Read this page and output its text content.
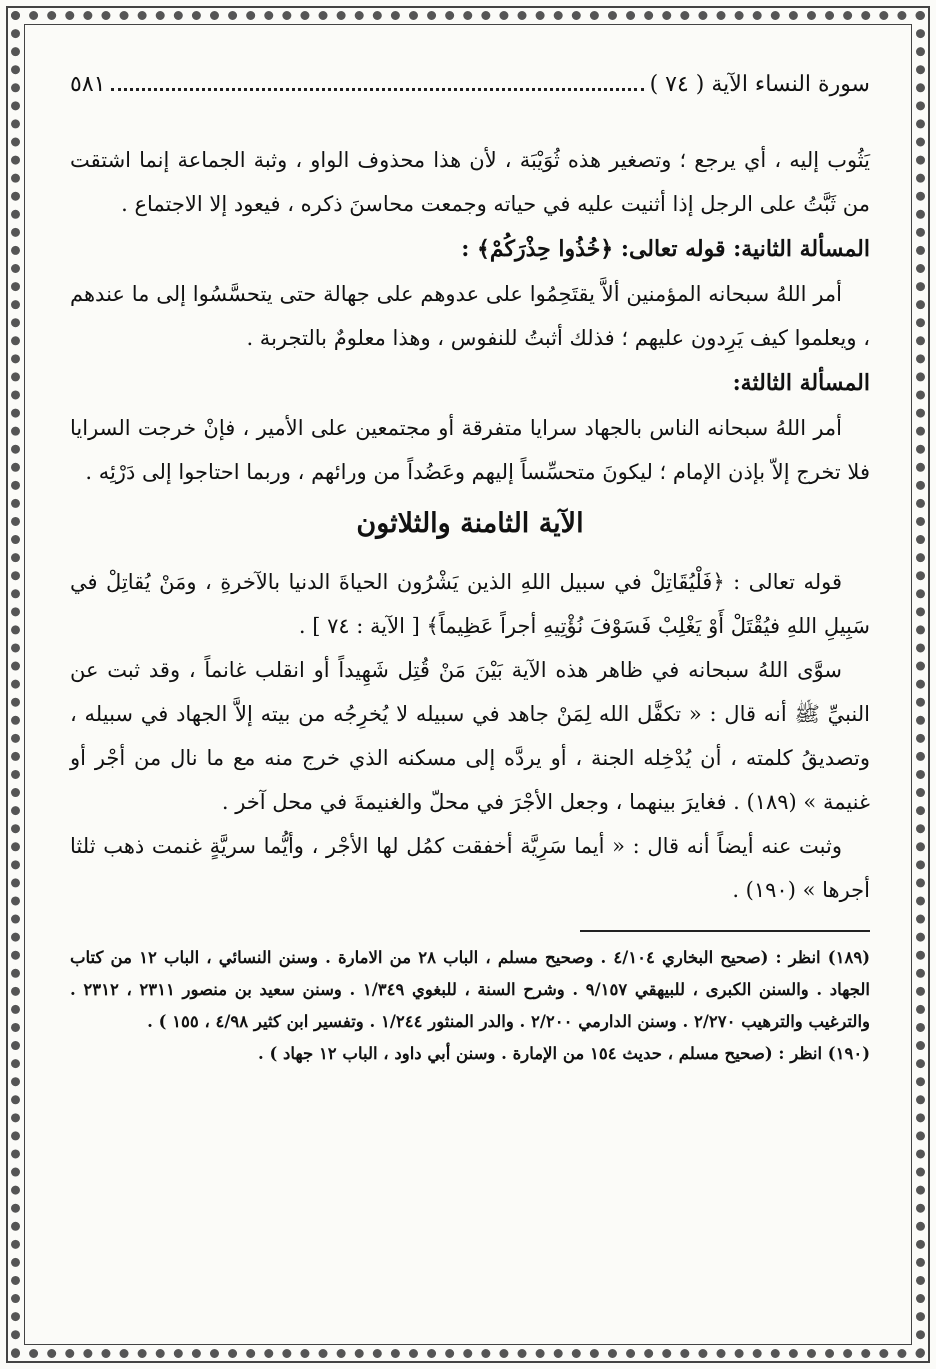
سورة النساء الآية ( ٧٤ )
٥٨١

يَثُوب إليه ، أي يرجع ؛ وتصغير هذه ثُوَيْبَة ، لأن هذا محذوف الواو ، وثبة الجماعة إنما اشتقت من ثَبَّتُ على الرجل إذا أثنيت عليه في حياته وجمعت محاسنَ ذكره ، فيعود إلا الاجتماع .

المسألة الثانية: قوله تعالى: ﴿خُذُوا حِذْرَكُمْ﴾ :

أمر اللهُ سبحانه المؤمنين ألاَّ يقتَحِمُوا على عدوهم على جهالة حتى يتحسَّسُوا إلى ما عندهم ، ويعلموا كيف يَرِدون عليهم ؛ فذلك أثبتُ للنفوس ، وهذا معلومٌ بالتجربة .

المسألة الثالثة:

أمر اللهُ سبحانه الناس بالجهاد سرايا متفرقة أو مجتمعين على الأمير ، فإنْ خرجت السرايا فلا تخرج إلاّ بإذن الإمام ؛ ليكونَ متحسِّساً إليهم وعَضُداً من ورائهم ، وربما احتاجوا إلى دَرْئِه .

الآية الثامنة والثلاثون

قوله تعالى : ﴿فَلْيُقَاتِلْ في سبيل اللهِ الذين يَشْرُون الحياةَ الدنيا بالآخرةِ ، ومَنْ يُقاتِلْ في سَبِيلِ اللهِ فيُقْتَلْ أَوْ يَغْلِبْ فَسَوْفَ نُؤْتِيهِ أجراً عَظِيماً﴾ [ الآية : ٧٤ ] .

سوَّى اللهُ سبحانه في ظاهر هذه الآية بَيْنَ مَنْ قُتِل شَهِيداً أو انقلب غانماً ، وقد ثبت عن النبيِّ ﷺ أنه قال : « تكفَّل الله لِمَنْ جاهد في سبيله لا يُخرِجُه من بيته إلاَّ الجهاد في سبيله ، وتصديقُ كلمته ، أن يُدْخِله الجنة ، أو يردَّه إلى مسكنه الذي خرج منه مع ما نال من أجْر أو غنيمة » (١٨٩) . فغايرَ بينهما ، وجعل الأجْرَ في محلّ والغنيمةَ في محل آخر .

وثبت عنه أيضاً أنه قال : « أيما سَرِيَّة أخفقت كمُل لها الأجْر ، وأيُّما سريَّةٍ غنمت ذهب ثلثا أجرها » (١٩٠) .

(١٨٩) انظر : (صحيح البخاري ٤/١٠٤ . وصحيح مسلم ، الباب ٢٨ من الامارة . وسنن النسائي ، الباب ١٢ من كتاب الجهاد . والسنن الكبرى ، للبيهقي ٩/١٥٧ . وشرح السنة ، للبغوي ١/٣٤٩ . وسنن سعيد بن منصور ٢٣١١ ، ٢٣١٢ . والترغيب والترهيب ٢/٢٧٠ . وسنن الدارمي ٢/٢٠٠ . والدر المنثور ١/٢٤٤ . وتفسير ابن كثير ٤/٩٨ ، ١٥٥ ) .

(١٩٠) انظر : (صحيح مسلم ، حديث ١٥٤ من الإمارة . وسنن أبي داود ، الباب ١٢ جهاد ) .
